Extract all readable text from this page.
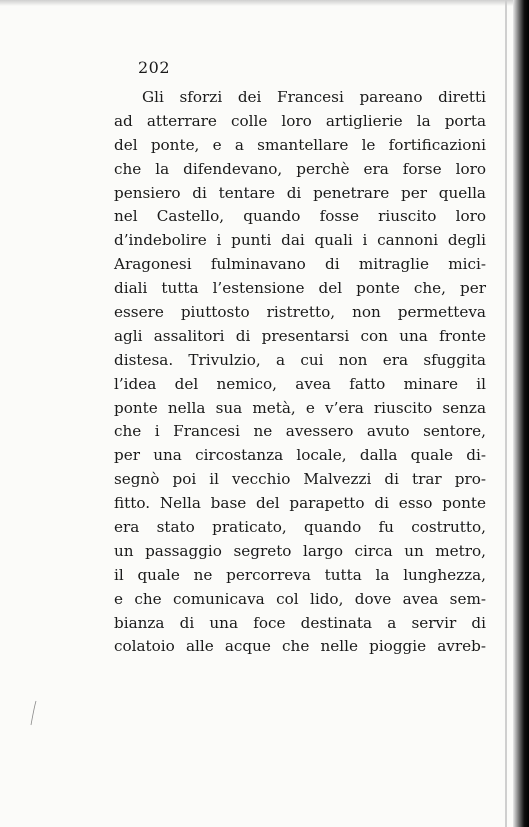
202
Gli sforzi dei Francesi pareano diretti
ad atterrare colle loro artiglierie la porta
del ponte, e a smantellare le fortificazioni
che la difendevano, perchè era forse loro
pensiero di tentare di penetrare per quella
nel Castello, quando fosse riuscito loro
d’indebolire i punti dai quali i cannoni degli
Aragonesi fulminavano di mitraglie mici-
diali tutta l’estensione del ponte che, per
essere piuttosto ristretto, non permetteva
agli assalitori di presentarsi con una fronte
distesa. Trivulzio, a cui non era sfuggita
l’idea del nemico, avea fatto minare il
ponte nella sua metà, e v’era riuscito senza
che i Francesi ne avessero avuto sentore,
per una circostanza locale, dalla quale di-
segnò poi il vecchio Malvezzi di trar pro-
fitto. Nella base del parapetto di esso ponte
era stato praticato, quando fu costrutto,
un passaggio segreto largo circa un metro,
il quale ne percorreva tutta la lunghezza,
e che comunicava col lido, dove avea sem-
bianza di una foce destinata a servir di
colatoio alle acque che nelle pioggie avreb-
